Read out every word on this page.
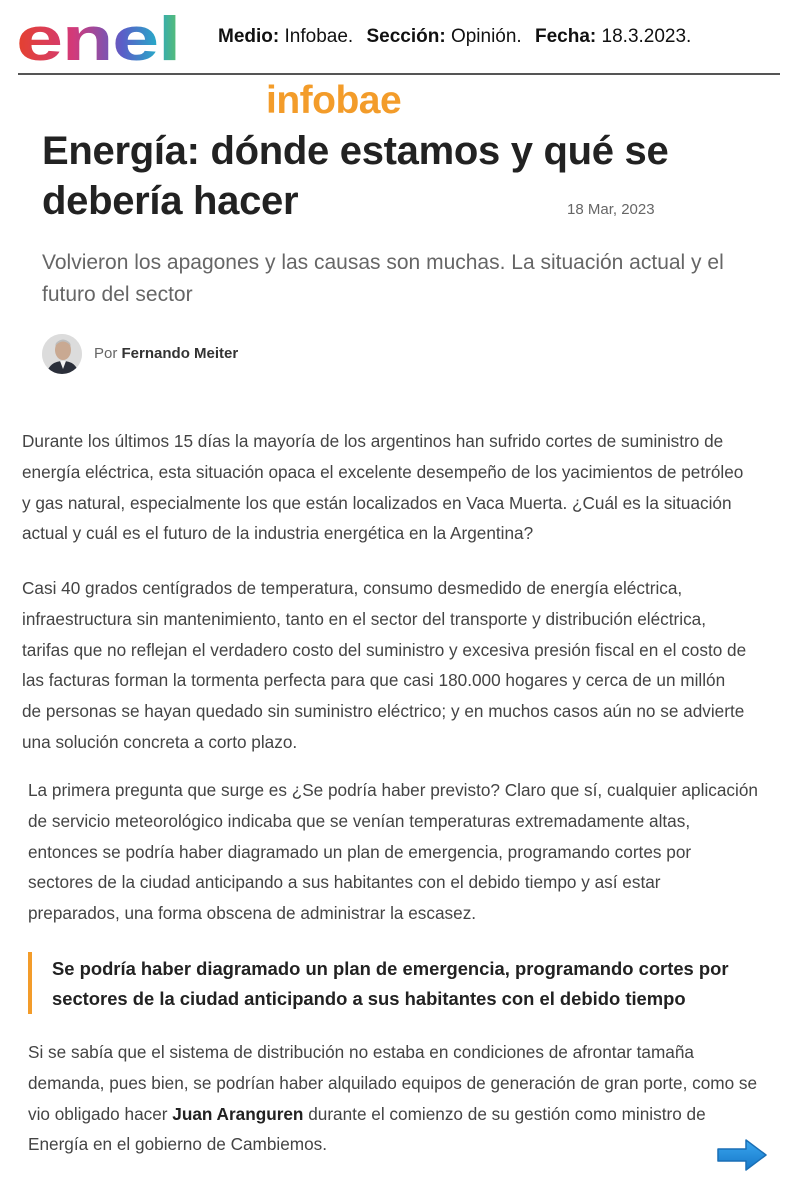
enel Medio: Infobae. Sección: Opinión. Fecha: 18.3.2023.
infobae
Energía: dónde estamos y qué se debería hacer	18 Mar, 2023

Volvieron los apagones y las causas son muchas. La situación actual y el futuro del sector

Por Fernando Meiter

Durante los últimos 15 días la mayoría de los argentinos han sufrido cortes de suministro de
energía eléctrica, esta situación opaca el excelente desempeño de los yacimientos de petróleo
y gas natural, especialmente los que están localizados en Vaca Muerta. ¿Cuál es la situación
actual y cuál es el futuro de la industria energética en la Argentina?

Casi 40 grados centígrados de temperatura, consumo desmedido de energía eléctrica,
infraestructura sin mantenimiento, tanto en el sector del transporte y distribución eléctrica,
tarifas que no reflejan el verdadero costo del suministro y excesiva presión fiscal en el costo de
las facturas forman la tormenta perfecta para que casi 180.000 hogares y cerca de un millón
de personas se hayan quedado sin suministro eléctrico; y en muchos casos aún no se advierte
una solución concreta a corto plazo.

La primera pregunta que surge es ¿Se podría haber previsto? Claro que sí, cualquier aplicación
de servicio meteorológico indicaba que se venían temperaturas extremadamente altas,
entonces se podría haber diagramado un plan de emergencia, programando cortes por
sectores de la ciudad anticipando a sus habitantes con el debido tiempo y así estar
preparados, una forma obscena de administrar la escasez.

Se podría haber diagramado un plan de emergencia, programando cortes por
sectores de la ciudad anticipando a sus habitantes con el debido tiempo

Si se sabía que el sistema de distribución no estaba en condiciones de afrontar tamaña
demanda, pues bien, se podrían haber alquilado equipos de generación de gran porte, como se
vio obligado hacer Juan Aranguren durante el comienzo de su gestión como ministro de
Energía en el gobierno de Cambiemos.
